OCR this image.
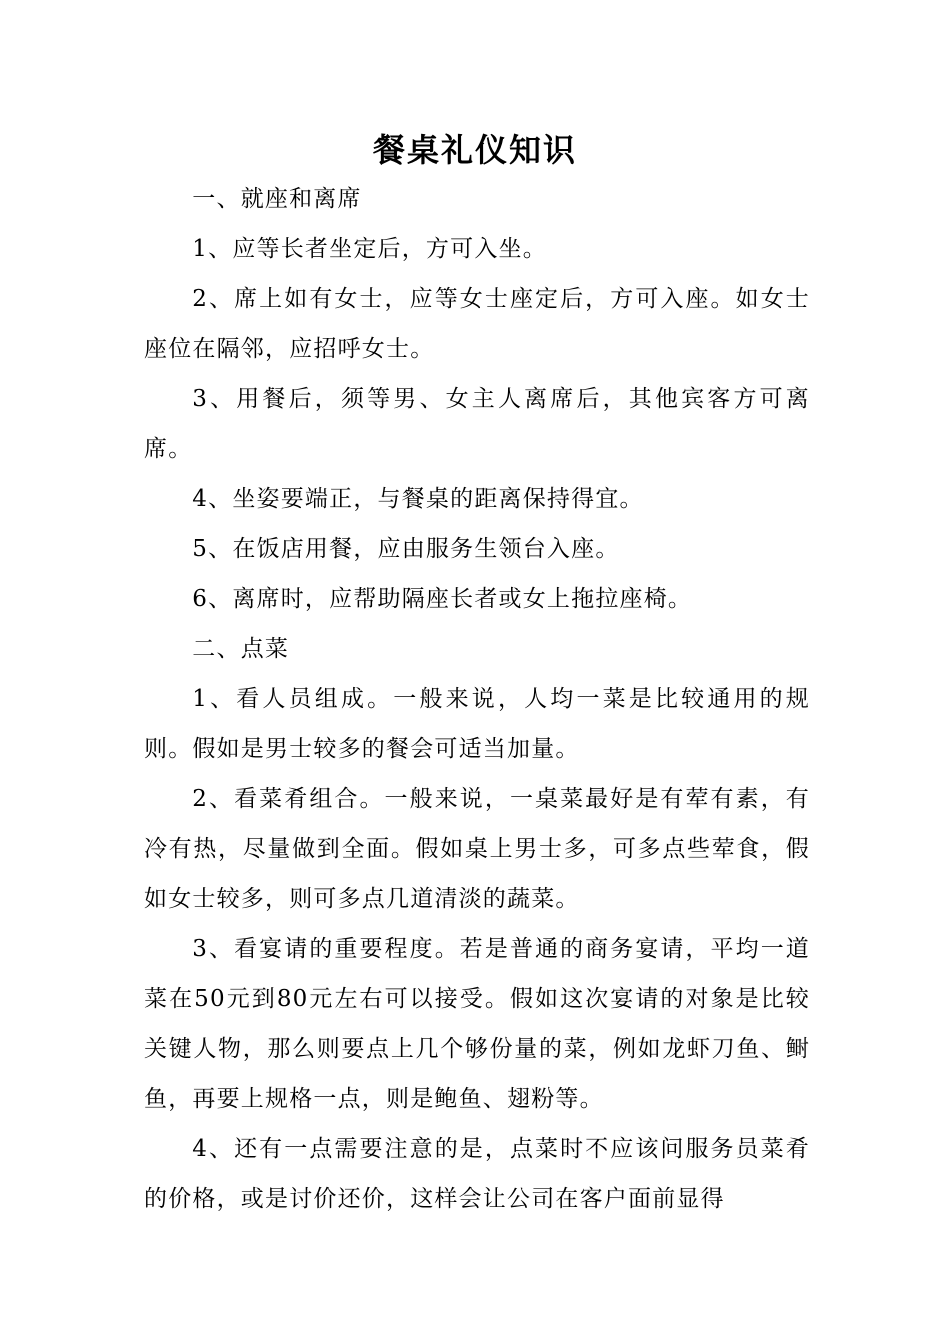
餐桌礼仪知识

一、就座和离席

1、应等长者坐定后，方可入坐。

2、席上如有女士，应等女士座定后，方可入座。如女士座位在隔邻，应招呼女士。

3、用餐后，须等男、女主人离席后，其他宾客方可离席。

4、坐姿要端正，与餐桌的距离保持得宜。

5、在饭店用餐，应由服务生领台入座。

6、离席时，应帮助隔座长者或女上拖拉座椅。

二、点菜

1、看人员组成。一般来说，人均一菜是比较通用的规则。假如是男士较多的餐会可适当加量。

2、看菜肴组合。一般来说，一桌菜最好是有荤有素，有冷有热，尽量做到全面。假如桌上男士多，可多点些荤食，假如女士较多，则可多点几道清淡的蔬菜。

3、看宴请的重要程度。若是普通的商务宴请，平均一道菜在50元到80元左右可以接受。假如这次宴请的对象是比较关键人物，那么则要点上几个够份量的菜，例如龙虾刀鱼、鲥鱼，再要上规格一点，则是鲍鱼、翅粉等。

4、还有一点需要注意的是，点菜时不应该问服务员菜肴的价格，或是讨价还价，这样会让公司在客户面前显得
